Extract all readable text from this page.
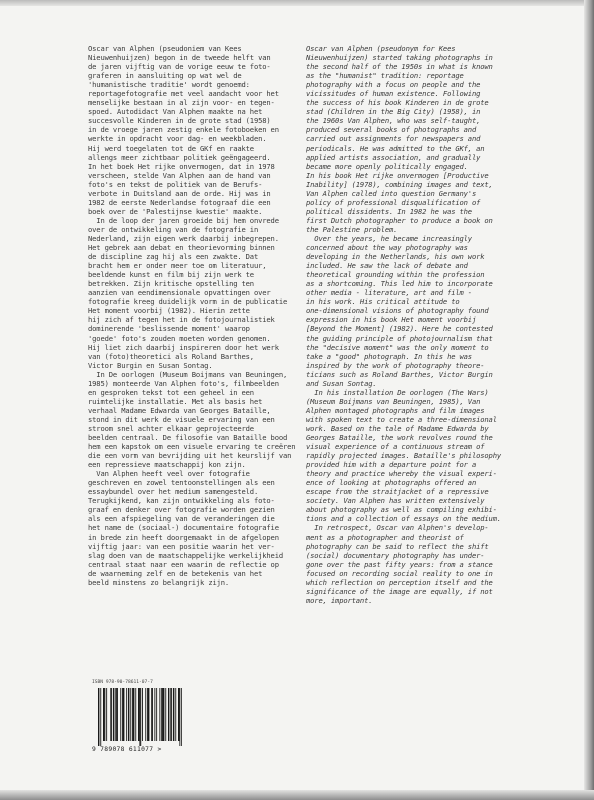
Oscar van Alphen (pseudoniem van Kees
Nieuwenhuijzen) begon in de tweede helft van
de jaren vijftig van de vorige eeuw te foto-
graferen in aansluiting op wat wel de
'humanistische traditie' wordt genoemd:
reportagefotografie met veel aandacht voor het
menselijke bestaan in al zijn voor- en tegen-
spoed. Autodidact Van Alphen maakte na het
succesvolle Kinderen in de grote stad (1958)
in de vroege jaren zestig enkele fotoboeken en
werkte in opdracht voor dag- en weekbladen.
Hij werd toegelaten tot de GKf en raakte
allengs meer zichtbaar politiek geëngageerd.
In het boek Het rijke onvermogen, dat in 1978
verscheen, stelde Van Alphen aan de hand van
foto's en tekst de politiek van de Berufs-
verbote in Duitsland aan de orde. Hij was in
1982 de eerste Nederlandse fotograaf die een
boek over de 'Palestijnse kwestie' maakte.
In de loop der jaren groeide bij hem onvrede
over de ontwikkeling van de fotografie in
Nederland, zijn eigen werk daarbij inbegrepen.
Het gebrek aan debat en theorievorming binnen
de discipline zag hij als een zwakte. Dat
bracht hem er onder meer toe om literatuur,
beeldende kunst en film bij zijn werk te
betrekken. Zijn kritische opstelling ten
aanzien van eendimensionale opvattingen over
fotografie kreeg duidelijk vorm in de publicatie
Het moment voorbij (1982). Hierin zette
hij zich af tegen het in de fotojournalistiek
dominerende 'beslissende moment' waarop
'goede' foto's zouden moeten worden genomen.
Hij liet zich daarbij inspireren door het werk
van (foto)theoretici als Roland Barthes,
Victor Burgin en Susan Sontag.
In De oorlogen (Museum Boijmans van Beuningen,
1985) monteerde Van Alphen foto's, filmbeelden
en gesproken tekst tot een geheel in een
ruimtelijke installatie. Met als basis het
verhaal Madame Edwarda van Georges Bataille,
stond in dit werk de visuele ervaring van een
stroom snel achter elkaar geprojecteerde
beelden centraal. De filosofie van Bataille bood
hem een kapstok om een visuele ervaring te creëren
die een vorm van bevrijding uit het keurslijf van
een repressieve maatschappij kon zijn.
Van Alphen heeft veel over fotografie
geschreven en zowel tentoonstellingen als een
essaybundel over het medium samengesteld.
Terugkijkend, kan zijn ontwikkeling als foto-
graaf en denker over fotografie worden gezien
als een afspiegeling van de veranderingen die
het name de (sociaal-) documentaire fotografie
in brede zin heeft doorgemaakt in de afgelopen
vijftig jaar: van een positie waarin het ver-
slag doen van de maatschappelijke werkelijkheid
centraal staat naar een waarin de reflectie op
de waarneming zelf en de betekenis van het
beeld minstens zo belangrijk zijn.
Oscar van Alphen (pseudonym for Kees
Nieuwenhuijzen) started taking photographs in
the second half of the 1950s in what is known
as the "humanist" tradition: reportage
photography with a focus on people and the
vicissitudes of human existence. Following
the success of his book Kinderen in de grote
stad (Children in the Big City) (1958), in
the 1960s Van Alphen, who was self-taught,
produced several books of photographs and
carried out assignments for newspapers and
periodicals. He was admitted to the GKf, an
applied artists association, and gradually
became more openly politically engaged.
In his book Het rijke onvermogen [Productive
Inability] (1978), combining images and text,
Van Alphen called into question Germany's
policy of professional disqualification of
political dissidents. In 1982 he was the
first Dutch photographer to produce a book on
the Palestine problem.
Over the years, he became increasingly
concerned about the way photography was
developing in the Netherlands, his own work
included. He saw the lack of debate and
theoretical grounding within the profession
as a shortcoming. This led him to incorporate
other media - literature, art and film -
in his work. His critical attitude to
one-dimensional visions of photography found
expression in his book Het moment voorbij
[Beyond the Moment] (1982). Here he contested
the guiding principle of photojournalism that
the "decisive moment" was the only moment to
take a "good" photograph. In this he was
inspired by the work of photography theore-
ticians such as Roland Barthes, Victor Burgin
and Susan Sontag.
In his installation De oorlogen (The Wars)
(Museum Boijmans van Beuningen, 1985), Van
Alphen montaged photographs and film images
with spoken text to create a three-dimensional
work. Based on the tale of Madame Edwarda by
Georges Bataille, the work revolves round the
visual experience of a continuous stream of
rapidly projected images. Bataille's philosophy
provided him with a departure point for a
theory and practice whereby the visual experi-
ence of looking at photographs offered an
escape from the straitjacket of a repressive
society. Van Alphen has written extensively
about photography as well as compiling exhibi-
tions and a collection of essays on the medium.
In retrospect, Oscar van Alphen's develop-
ment as a photographer and theorist of
photography can be said to reflect the shift
(social) documentary photography has under-
gone over the past fifty years: from a stance
focused on recording social reality to one in
which reflection on perception itself and the
significance of the image are equally, if not
more, important.
ISBN 978-90-78611-07-7
9 789078 611077 >
